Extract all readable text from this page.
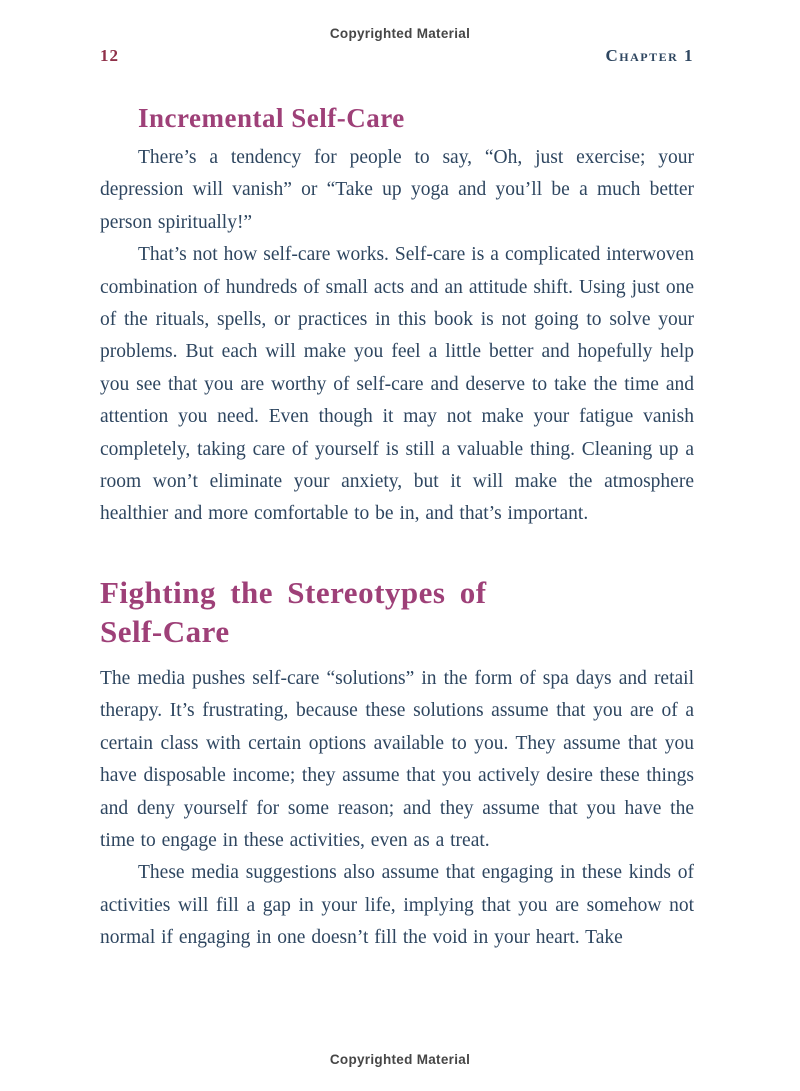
Copyrighted Material
12	Chapter 1
Incremental Self-Care

There’s a tendency for people to say, “Oh, just exercise; your depression will vanish” or “Take up yoga and you’ll be a much better person spiritually!”

That’s not how self-care works. Self-care is a complicated interwoven combination of hundreds of small acts and an attitude shift. Using just one of the rituals, spells, or practices in this book is not going to solve your problems. But each will make you feel a little better and hopefully help you see that you are worthy of self-care and deserve to take the time and attention you need. Even though it may not make your fatigue vanish completely, taking care of yourself is still a valuable thing. Cleaning up a room won’t eliminate your anxiety, but it will make the atmosphere healthier and more comfortable to be in, and that’s important.

Fighting the Stereotypes of
Self-Care

The media pushes self-care “solutions” in the form of spa days and retail therapy. It’s frustrating, because these solutions assume that you are of a certain class with certain options available to you. They assume that you have disposable income; they assume that you actively desire these things and deny yourself for some reason; and they assume that you have the time to engage in these activities, even as a treat.

These media suggestions also assume that engaging in these kinds of activities will fill a gap in your life, implying that you are somehow not normal if engaging in one doesn’t fill the void in your heart. Take

Copyrighted Material
